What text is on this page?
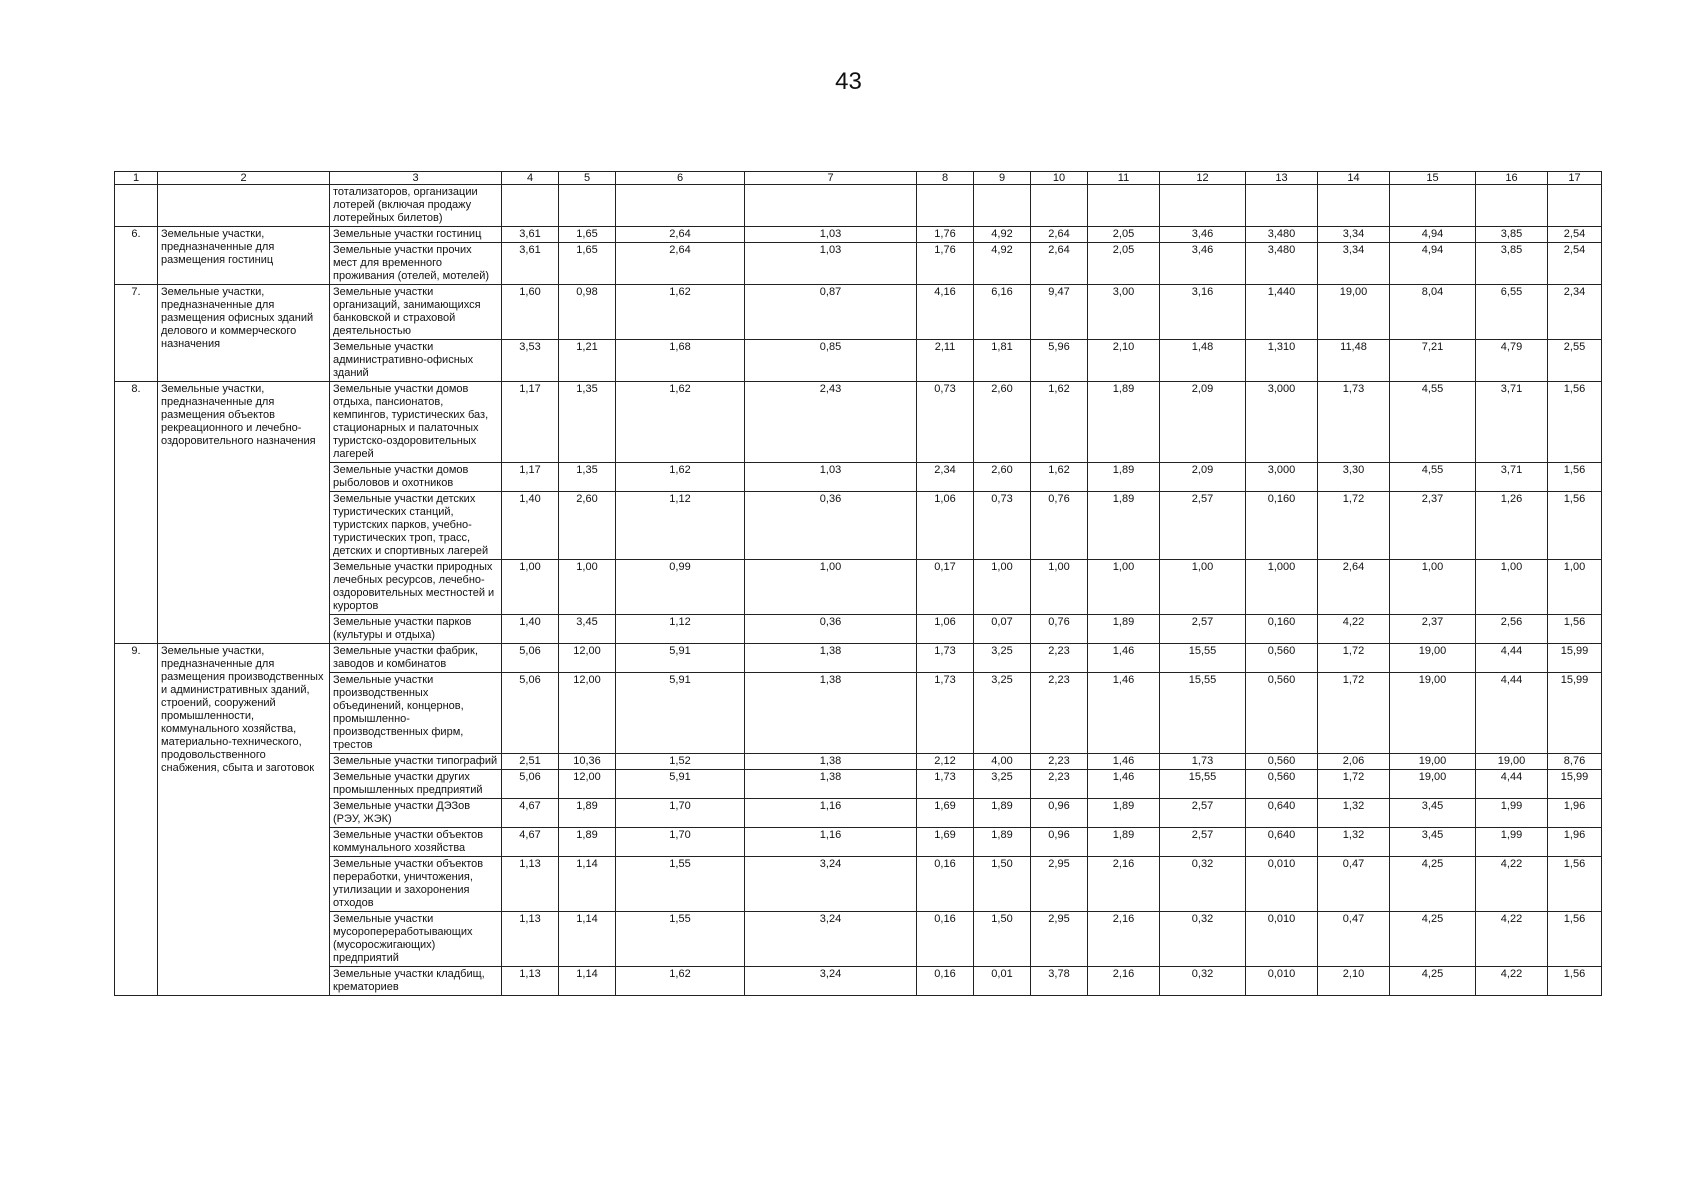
43
1	2	3	4	5	6	7	8	9	10	11	12	13	14	15	16	17
		тотализаторов, организации лотерей (включая продажу лотерейных билетов)														
6.	Земельные участки, предназначенные для размещения гостиниц	Земельные участки гостиниц	3,61	1,65	2,64	1,03	1,76	4,92	2,64	2,05	3,46	3,480	3,34	4,94	3,85	2,54
		Земельные участки прочих мест для временного проживания (отелей, мотелей)	3,61	1,65	2,64	1,03	1,76	4,92	2,64	2,05	3,46	3,480	3,34	4,94	3,85	2,54
7.	Земельные участки, предназначенные для размещения офисных зданий делового и коммерческого назначения	Земельные участки организаций, занимающихся банковской и страховой деятельностью	1,60	0,98	1,62	0,87	4,16	6,16	9,47	3,00	3,16	1,440	19,00	8,04	6,55	2,34
		Земельные участки административно-офисных зданий	3,53	1,21	1,68	0,85	2,11	1,81	5,96	2,10	1,48	1,310	11,48	7,21	4,79	2,55
8.	Земельные участки, предназначенные для размещения объектов рекреационного и лечебно-оздоровительного назначения	Земельные участки домов отдыха, пансионатов, кемпингов, туристических баз, стационарных и палаточных туристско-оздоровительных лагерей	1,17	1,35	1,62	2,43	0,73	2,60	1,62	1,89	2,09	3,000	1,73	4,55	3,71	1,56
		Земельные участки домов рыболовов и охотников	1,17	1,35	1,62	1,03	2,34	2,60	1,62	1,89	2,09	3,000	3,30	4,55	3,71	1,56
		Земельные участки детских туристических станций, туристских парков, учебно-туристических троп, трасс, детских и спортивных лагерей	1,40	2,60	1,12	0,36	1,06	0,73	0,76	1,89	2,57	0,160	1,72	2,37	1,26	1,56
		Земельные участки природных лечебных ресурсов, лечебно-оздоровительных местностей и курортов	1,00	1,00	0,99	1,00	0,17	1,00	1,00	1,00	1,00	1,000	2,64	1,00	1,00	1,00
		Земельные участки парков (культуры и отдыха)	1,40	3,45	1,12	0,36	1,06	0,07	0,76	1,89	2,57	0,160	4,22	2,37	2,56	1,56
9.	Земельные участки, предназначенные для размещения производственных и административных зданий, строений, сооружений промышленности, коммунального хозяйства, материально-технического, продовольственного снабжения, сбыта и заготовок	Земельные участки фабрик, заводов и комбинатов	5,06	12,00	5,91	1,38	1,73	3,25	2,23	1,46	15,55	0,560	1,72	19,00	4,44	15,99
		Земельные участки производственных объединений, концернов, промышленно-производственных фирм, трестов	5,06	12,00	5,91	1,38	1,73	3,25	2,23	1,46	15,55	0,560	1,72	19,00	4,44	15,99
		Земельные участки типографий	2,51	10,36	1,52	1,38	2,12	4,00	2,23	1,46	1,73	0,560	2,06	19,00	19,00	8,76
		Земельные участки других промышленных предприятий	5,06	12,00	5,91	1,38	1,73	3,25	2,23	1,46	15,55	0,560	1,72	19,00	4,44	15,99
		Земельные участки ДЭЗов (РЭУ, ЖЭК)	4,67	1,89	1,70	1,16	1,69	1,89	0,96	1,89	2,57	0,640	1,32	3,45	1,99	1,96
		Земельные участки объектов коммунального хозяйства	4,67	1,89	1,70	1,16	1,69	1,89	0,96	1,89	2,57	0,640	1,32	3,45	1,99	1,96
		Земельные участки объектов переработки, уничтожения, утилизации и захоронения отходов	1,13	1,14	1,55	3,24	0,16	1,50	2,95	2,16	0,32	0,010	0,47	4,25	4,22	1,56
		Земельные участки мусоропереработывающих (мусоросжигающих) предприятий	1,13	1,14	1,55	3,24	0,16	1,50	2,95	2,16	0,32	0,010	0,47	4,25	4,22	1,56
		Земельные участки кладбищ, крематориев	1,13	1,14	1,62	3,24	0,16	0,01	3,78	2,16	0,32	0,010	2,10	4,25	4,22	1,56
